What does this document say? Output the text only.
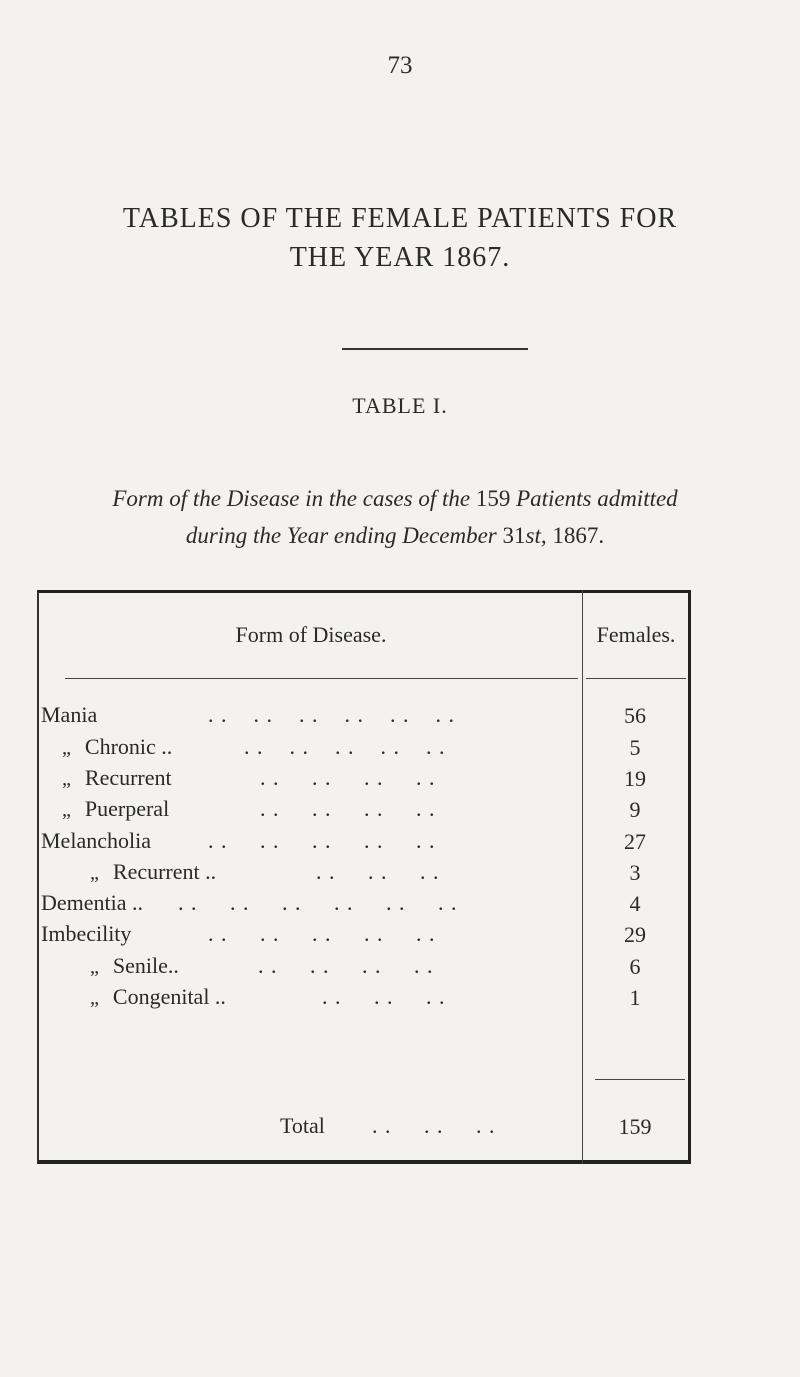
73
TABLES OF THE FEMALE PATIENTS FOR
THE YEAR 1867.
TABLE I.
Form of the Disease in the cases of the 159 Patients admitted
during the Year ending December 31st, 1867.
Form of Disease.	Females.
Mania	. . . . . . . . . . . .	56
„ Chronic ..	. . . . . . . . . .	5
„ Recurrent	. . . . . . . .	19
„ Puerperal	. . . . . . . .	9
Melancholia	. . . . . . . . . .	27
„ Recurrent ..	. . . . . .	3
Dementia .. . . . . . . . . . . . .	4
Imbecility	. . . . . . . . . .	29
„ Senile..	. . . . . . . .	6
„ Congenital ..	. . . . . .	1
Total . . . . . .	159
